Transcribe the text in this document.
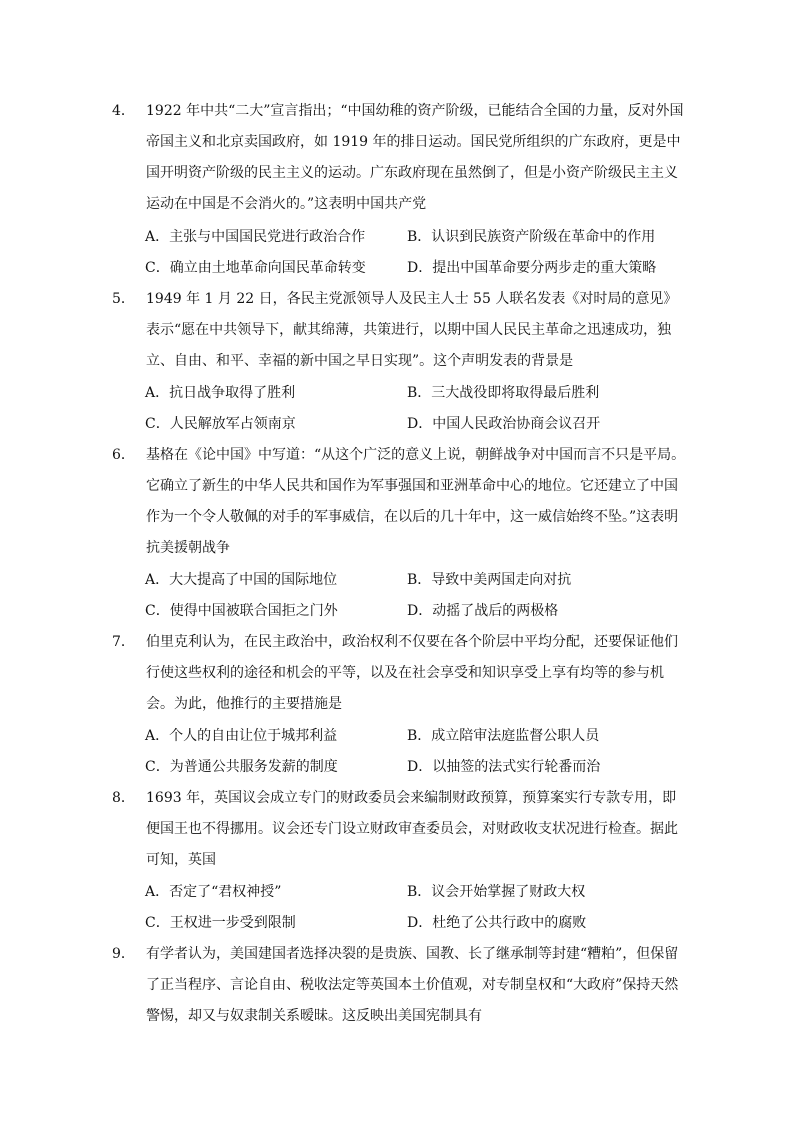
4． 1922 年中共“二大”宣言指出；“中国幼稚的资产阶级，已能结合全国的力量，反对外国帝国主义和北京卖国政府，如 1919 年的排日运动。国民党所组织的广东政府，更是中国开明资产阶级的民主主义的运动。广东政府现在虽然倒了，但是小资产阶级民主主义运动在中国是不会消火的。”这表明中国共产党
A．主张与中国国民党进行政治合作	B．认识到民族资产阶级在革命中的作用
C．确立由土地革命向国民革命转变	D．提出中国革命要分两步走的重大策略
5． 1949 年 1 月 22 日，各民主党派领导人及民主人士 55 人联名发表《对时局的意见》表示“愿在中共领导下，献其绵薄，共策进行，以期中国人民民主革命之迅速成功，独立、自由、和平、幸福的新中国之早日实现”。这个声明发表的背景是
A．抗日战争取得了胜利	B．三大战役即将取得最后胜利
C．人民解放军占领南京	D．中国人民政治协商会议召开
6． 基格在《论中国》中写道：“从这个广泛的意义上说，朝鲜战争对中国而言不只是平局。它确立了新生的中华人民共和国作为军事强国和亚洲革命中心的地位。它还建立了中国作为一个令人敬佩的对手的军事威信，在以后的几十年中，这一威信始终不坠。”这表明抗美援朝战争
A．大大提高了中国的国际地位	B．导致中美两国走向对抗
C．使得中国被联合国拒之门外	D．动摇了战后的两极格
7． 伯里克利认为，在民主政治中，政治权利不仅要在各个阶层中平均分配，还要保证他们行使这些权利的途径和机会的平等，以及在社会享受和知识享受上享有均等的参与机会。为此，他推行的主要措施是
A．个人的自由让位于城邦利益	B．成立陪审法庭监督公职人员
C．为普通公共服务发薪的制度	D．以抽签的法式实行轮番而治
8． 1693 年，英国议会成立专门的财政委员会来编制财政预算，预算案实行专款专用，即便国王也不得挪用。议会还专门设立财政审查委员会，对财政收支状况进行检查。据此可知，英国
A．否定了“君权神授”	B．议会开始掌握了财政大权
C．王权进一步受到限制	D．杜绝了公共行政中的腐败
9． 有学者认为，美国建国者选择决裂的是贵族、国教、长了继承制等封建“糟粕”，但保留了正当程序、言论自由、税收法定等英国本土价值观，对专制皇权和“大政府”保持天然警惕，却又与奴隶制关系暧昧。这反映出美国宪制具有
